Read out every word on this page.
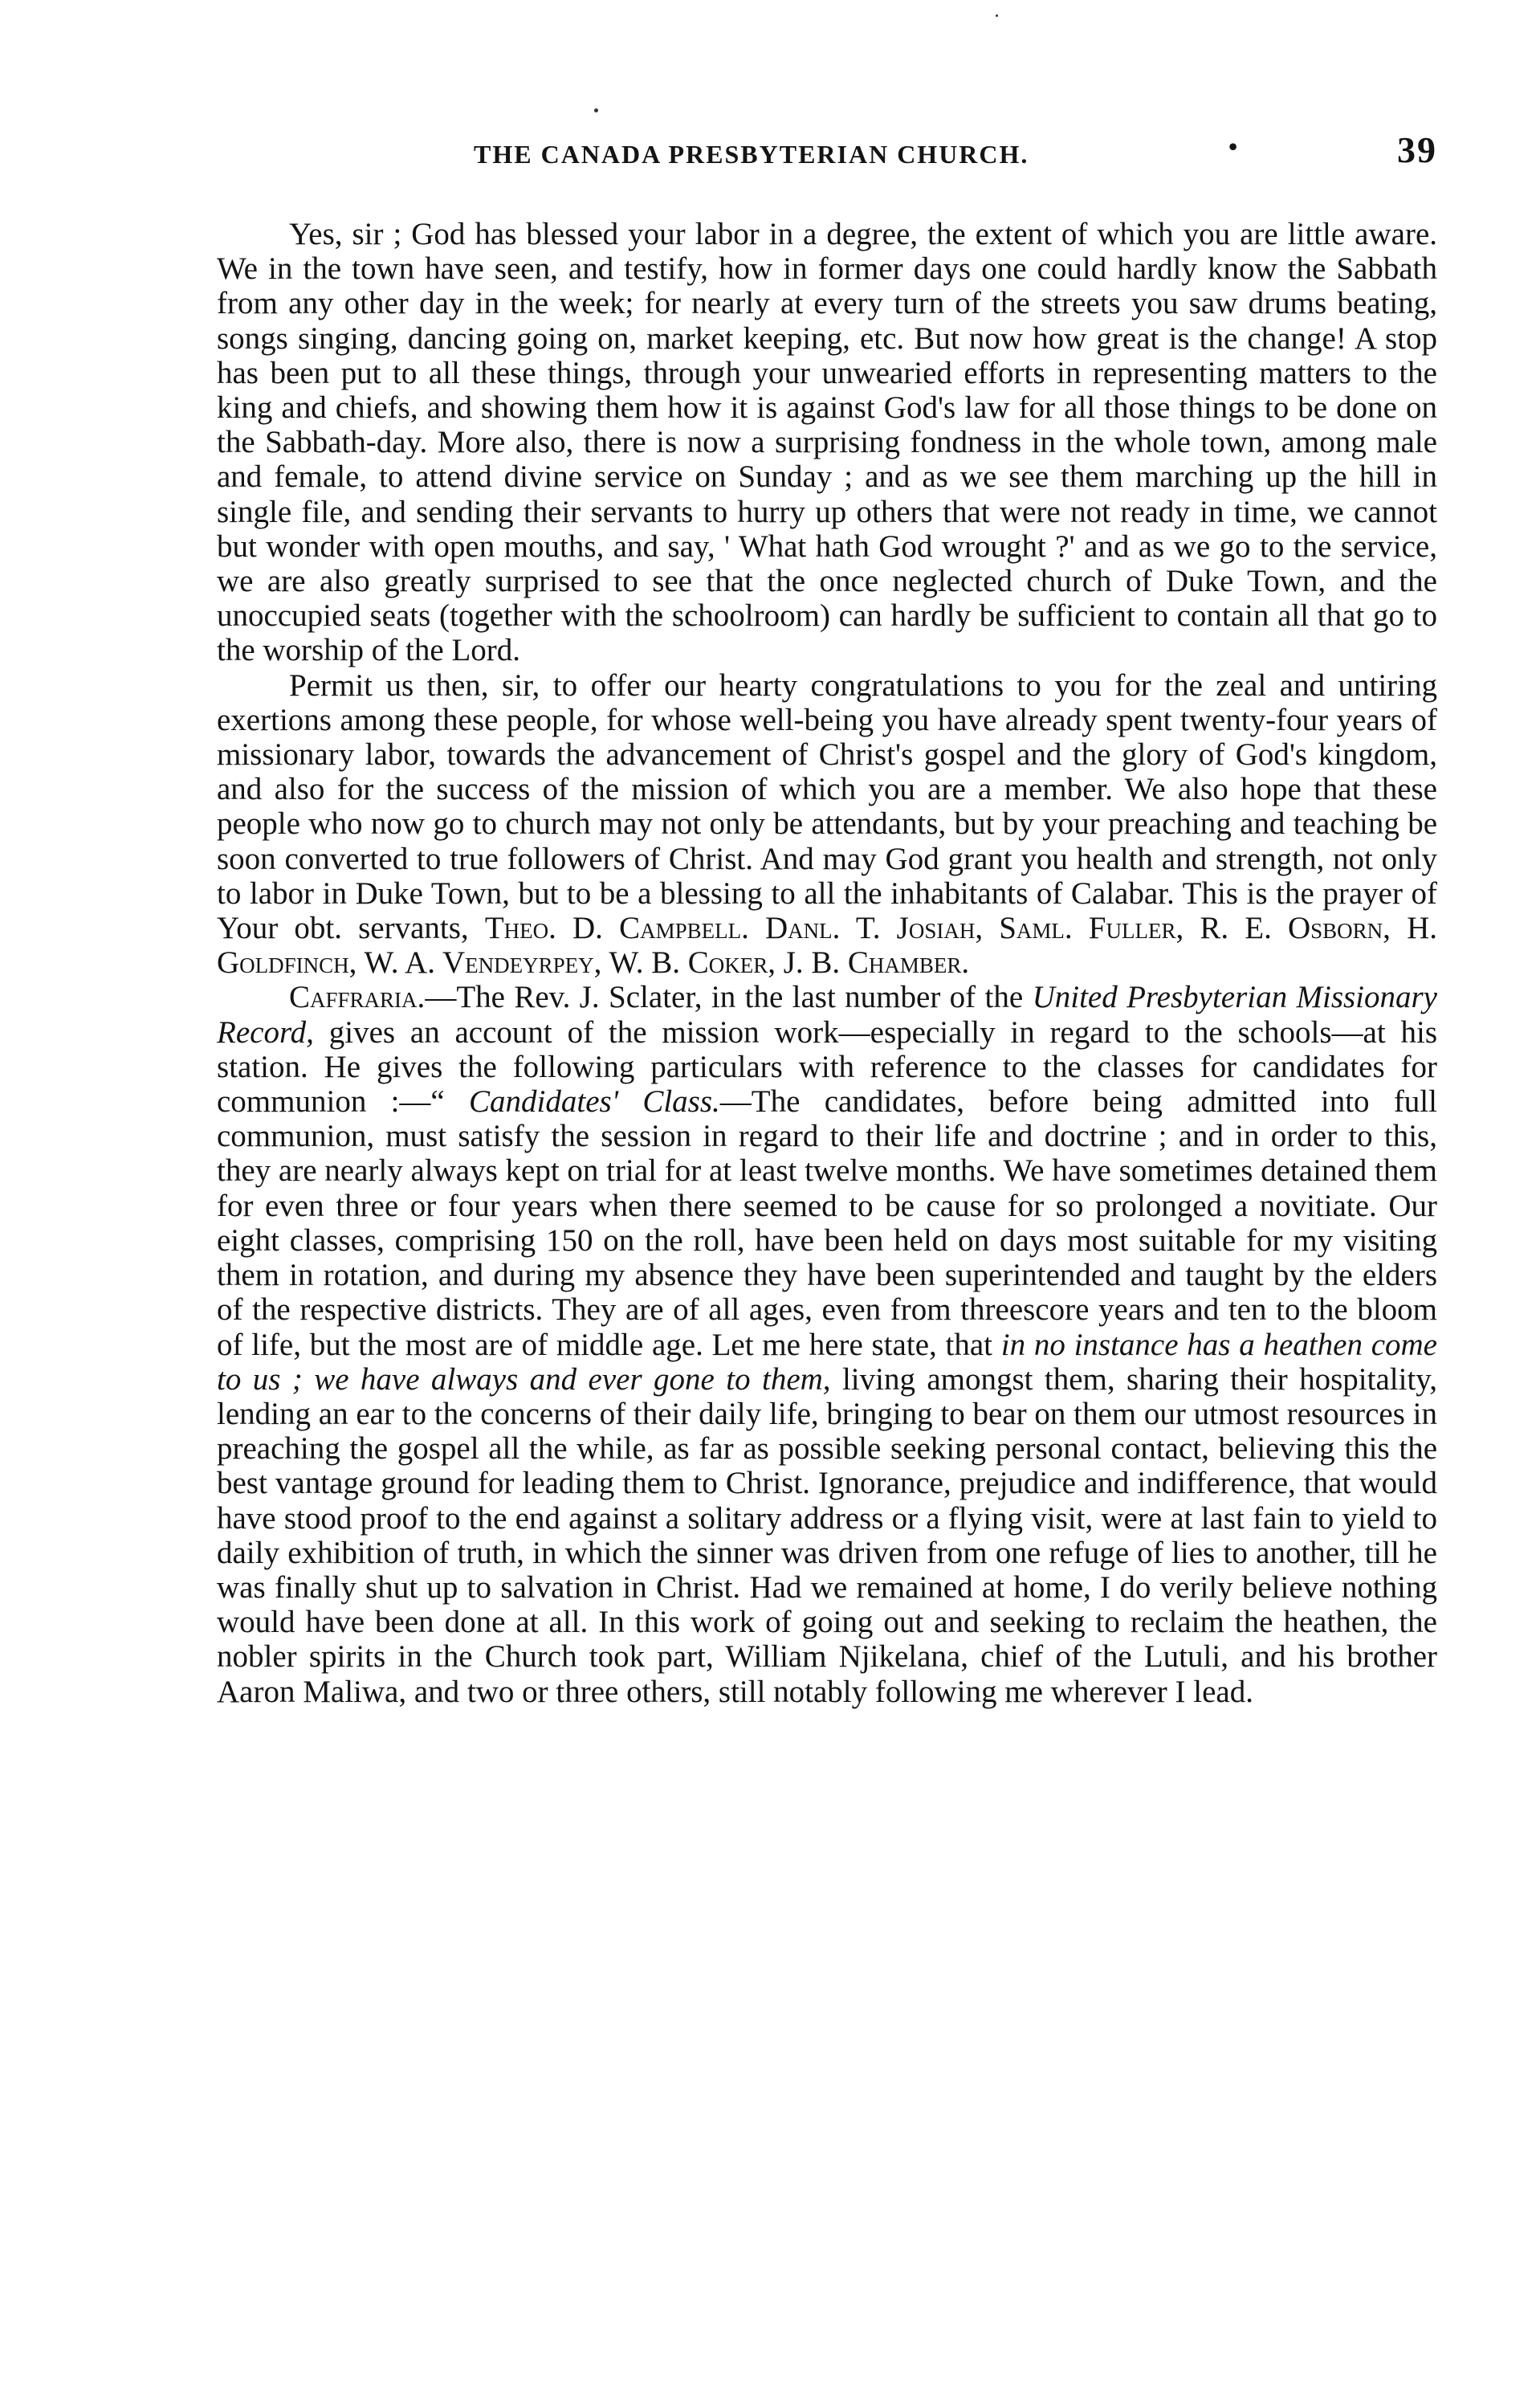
THE CANADA PRESBYTERIAN CHURCH.	•	39

Yes, sir ; God has blessed your labor in a degree, the extent of which you are little aware. We in the town have seen, and testify, how in former days one could hardly know the Sabbath from any other day in the week; for nearly at every turn of the streets you saw drums beating, songs singing, dancing going on, market keeping, etc. But now how great is the change! A stop has been put to all these things, through your unwearied efforts in representing matters to the king and chiefs, and showing them how it is against God's law for all those things to be done on the Sabbath-day. More also, there is now a surprising fondness in the whole town, among male and female, to attend divine service on Sunday ; and as we see them marching up the hill in single file, and sending their servants to hurry up others that were not ready in time, we cannot but wonder with open mouths, and say, ' What hath God wrought ?' and as we go to the service, we are also greatly surprised to see that the once neglected church of Duke Town, and the unoccupied seats (together with the schoolroom) can hardly be sufficient to contain all that go to the worship of the Lord.

Permit us then, sir, to offer our hearty congratulations to you for the zeal and untiring exertions among these people, for whose well-being you have already spent twenty-four years of missionary labor, towards the advancement of Christ's gospel and the glory of God's kingdom, and also for the success of the mission of which you are a member. We also hope that these people who now go to church may not only be attendants, but by your preaching and teaching be soon converted to true followers of Christ. And may God grant you health and strength, not only to labor in Duke Town, but to be a blessing to all the inhabitants of Calabar. This is the prayer of Your obt. servants, Theo. D. Campbell. Danl. T. Josiah, Saml. Fuller, R. E. Osborn, H. Goldfinch, W. A. Vendeyrpey, W. B. Coker, J. B. Chamber.

Caffraria.—The Rev. J. Sclater, in the last number of the United Presbyterian Missionary Record, gives an account of the mission work—especially in regard to the schools—at his station. He gives the following particulars with reference to the classes for candidates for communion :—“ Candidates' Class.—The candidates, before being admitted into full communion, must satisfy the session in regard to their life and doctrine ; and in order to this, they are nearly always kept on trial for at least twelve months. We have sometimes detained them for even three or four years when there seemed to be cause for so prolonged a novitiate. Our eight classes, comprising 150 on the roll, have been held on days most suitable for my visiting them in rotation, and during my absence they have been superintended and taught by the elders of the respective districts. They are of all ages, even from threescore years and ten to the bloom of life, but the most are of middle age. Let me here state, that in no instance has a heathen come to us ; we have always and ever gone to them, living amongst them, sharing their hospitality, lending an ear to the concerns of their daily life, bringing to bear on them our utmost resources in preaching the gospel all the while, as far as possible seeking personal contact, believing this the best vantage ground for leading them to Christ. Ignorance, prejudice and indifference, that would have stood proof to the end against a solitary address or a flying visit, were at last fain to yield to daily exhibition of truth, in which the sinner was driven from one refuge of lies to another, till he was finally shut up to salvation in Christ. Had we remained at home, I do verily believe nothing would have been done at all. In this work of going out and seeking to reclaim the heathen, the nobler spirits in the Church took part, William Njikelana, chief of the Lutuli, and his brother Aaron Maliwa, and two or three others, still notably following me wherever I lead.
